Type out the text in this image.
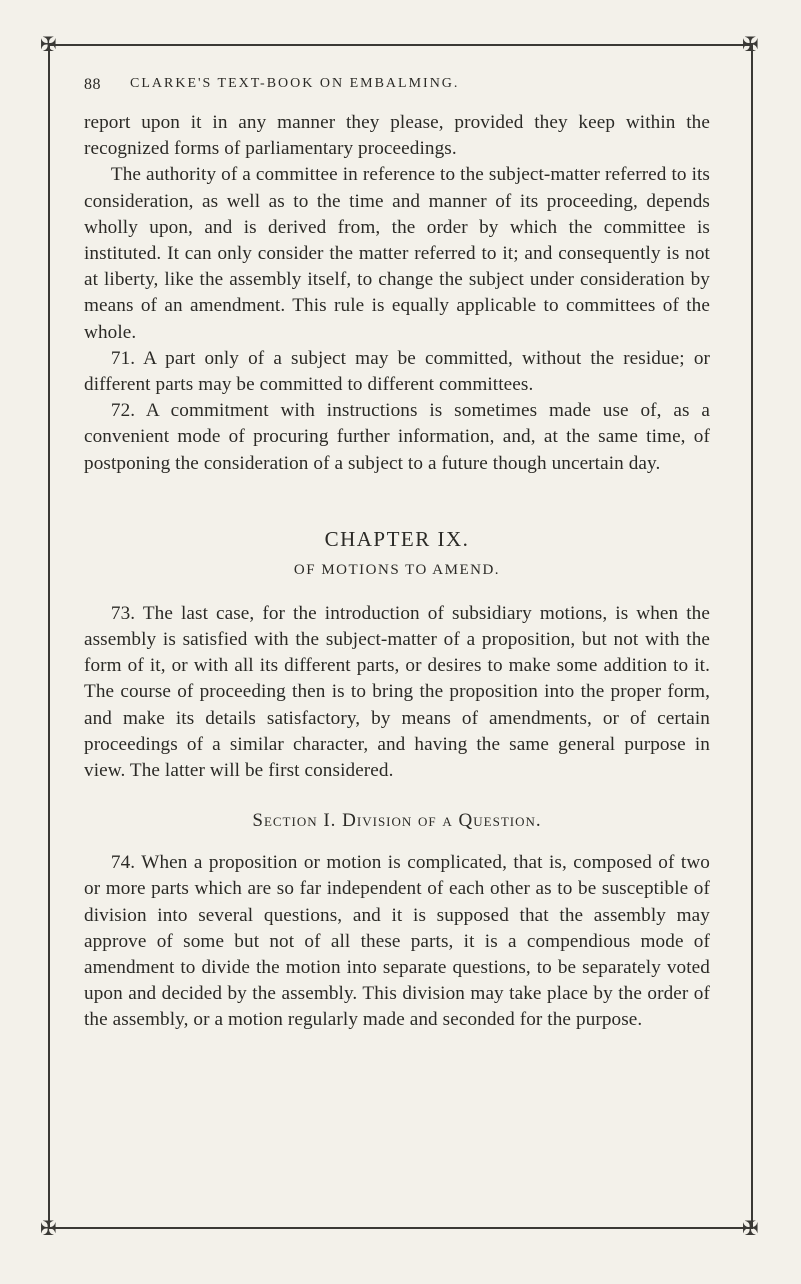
✠	✠
✠	✠
88 CLARKE'S TEXT-BOOK ON EMBALMING.

report upon it in any manner they please, provided they keep within the recognized forms of parliamentary proceedings.

The authority of a committee in reference to the subject-matter referred to its consideration, as well as to the time and manner of its proceeding, depends wholly upon, and is derived from, the order by which the committee is instituted. It can only consider the matter referred to it; and consequently is not at liberty, like the assembly itself, to change the subject under consideration by means of an amendment. This rule is equally applicable to committees of the whole.

71. A part only of a subject may be committed, without the residue; or different parts may be committed to different committees.

72. A commitment with instructions is sometimes made use of, as a convenient mode of procuring further information, and, at the same time, of postponing the consideration of a subject to a future though uncertain day.

CHAPTER IX.
OF MOTIONS TO AMEND.

73. The last case, for the introduction of subsidiary motions, is when the assembly is satisfied with the subject-matter of a proposition, but not with the form of it, or with all its different parts, or desires to make some addition to it. The course of proceeding then is to bring the proposition into the proper form, and make its details satisfactory, by means of amendments, or of certain proceedings of a similar character, and having the same general purpose in view. The latter will be first considered.

Section I. Division of a Question.

74. When a proposition or motion is complicated, that is, composed of two or more parts which are so far independent of each other as to be susceptible of division into several questions, and it is supposed that the assembly may approve of some but not of all these parts, it is a compendious mode of amendment to divide the motion into separate questions, to be separately voted upon and decided by the assembly. This division may take place by the order of the assembly, or a motion regularly made and seconded for the purpose.
